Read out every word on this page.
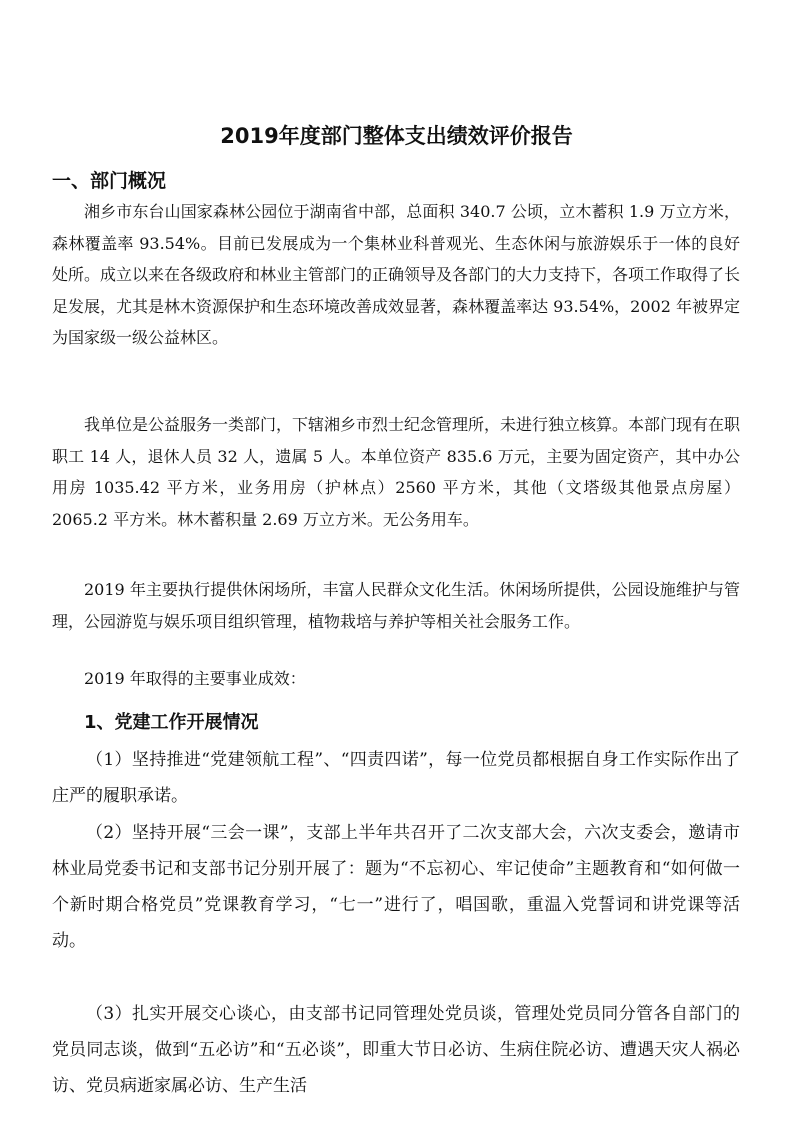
2019年度部门整体支出绩效评价报告
一、部门概况

湘乡市东台山国家森林公园位于湖南省中部，总面积 340.7 公顷，立木蓄积 1.9 万立方米，森林覆盖率 93.54%。目前已发展成为一个集林业科普观光、生态休闲与旅游娱乐于一体的良好处所。成立以来在各级政府和林业主管部门的正确领导及各部门的大力支持下，各项工作取得了长足发展，尤其是林木资源保护和生态环境改善成效显著，森林覆盖率达 93.54%，2002 年被界定为国家级一级公益林区。

我单位是公益服务一类部门，下辖湘乡市烈士纪念管理所，未进行独立核算。本部门现有在职职工 14 人，退休人员 32 人，遗属 5 人。本单位资产 835.6 万元，主要为固定资产，其中办公用房 1035.42 平方米，业务用房（护林点）2560 平方米，其他（文塔级其他景点房屋）2065.2 平方米。林木蓄积量 2.69 万立方米。无公务用车。

2019 年主要执行提供休闲场所，丰富人民群众文化生活。休闲场所提供，公园设施维护与管理，公园游览与娱乐项目组织管理，植物栽培与养护等相关社会服务工作。

2019 年取得的主要事业成效：

1、党建工作开展情况

（1）坚持推进“党建领航工程”、“四责四诺”，每一位党员都根据自身工作实际作出了庄严的履职承诺。

（2）坚持开展“三会一课”，支部上半年共召开了二次支部大会，六次支委会，邀请市林业局党委书记和支部书记分别开展了：题为“不忘初心、牢记使命”主题教育和“如何做一个新时期合格党员”党课教育学习，“七一”进行了，唱国歌，重温入党誓词和讲党课等活动。

（3）扎实开展交心谈心，由支部书记同管理处党员谈，管理处党员同分管各自部门的党员同志谈，做到“五必访”和“五必谈”，即重大节日必访、生病住院必访、遭遇天灾人祸必访、党员病逝家属必访、生产生活
